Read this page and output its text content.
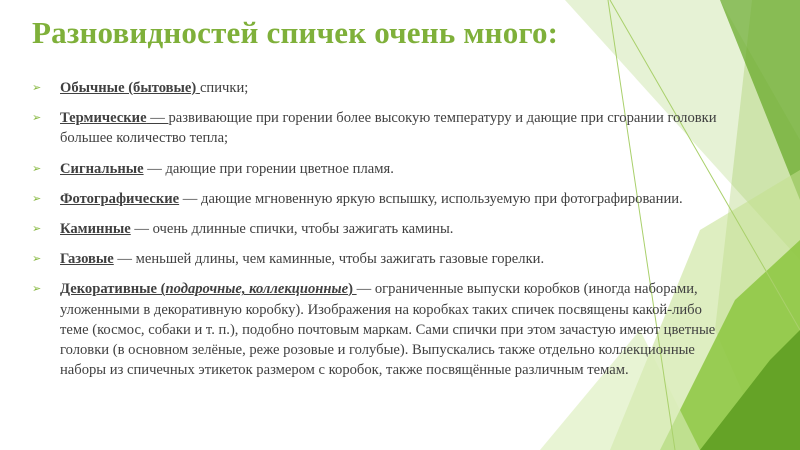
Разновидностей спичек очень много:
➢ Обычные (бытовые) спички;
➢ Термические — развивающие при горении более высокую температуру и дающие при сгорании головки большее количество тепла;
➢ Сигнальные — дающие при горении цветное пламя.
➢ Фотографические — дающие мгновенную яркую вспышку, используемую при фотографировании.
➢ Каминные — очень длинные спички, чтобы зажигать камины.
➢ Газовые — меньшей длины, чем каминные, чтобы зажигать газовые горелки.
➢ Декоративные (подарочные, коллекционные) — ограниченные выпуски коробков (иногда наборами, уложенными в декоративную коробку). Изображения на коробках таких спичек посвящены какой-либо теме (космос, собаки и т. п.), подобно почтовым маркам. Сами спички при этом зачастую имеют цветные головки (в основном зелёные, реже розовые и голубые). Выпускались также отдельно коллекционные наборы из спичечных этикеток размером с коробок, также посвящённые различным темам.
